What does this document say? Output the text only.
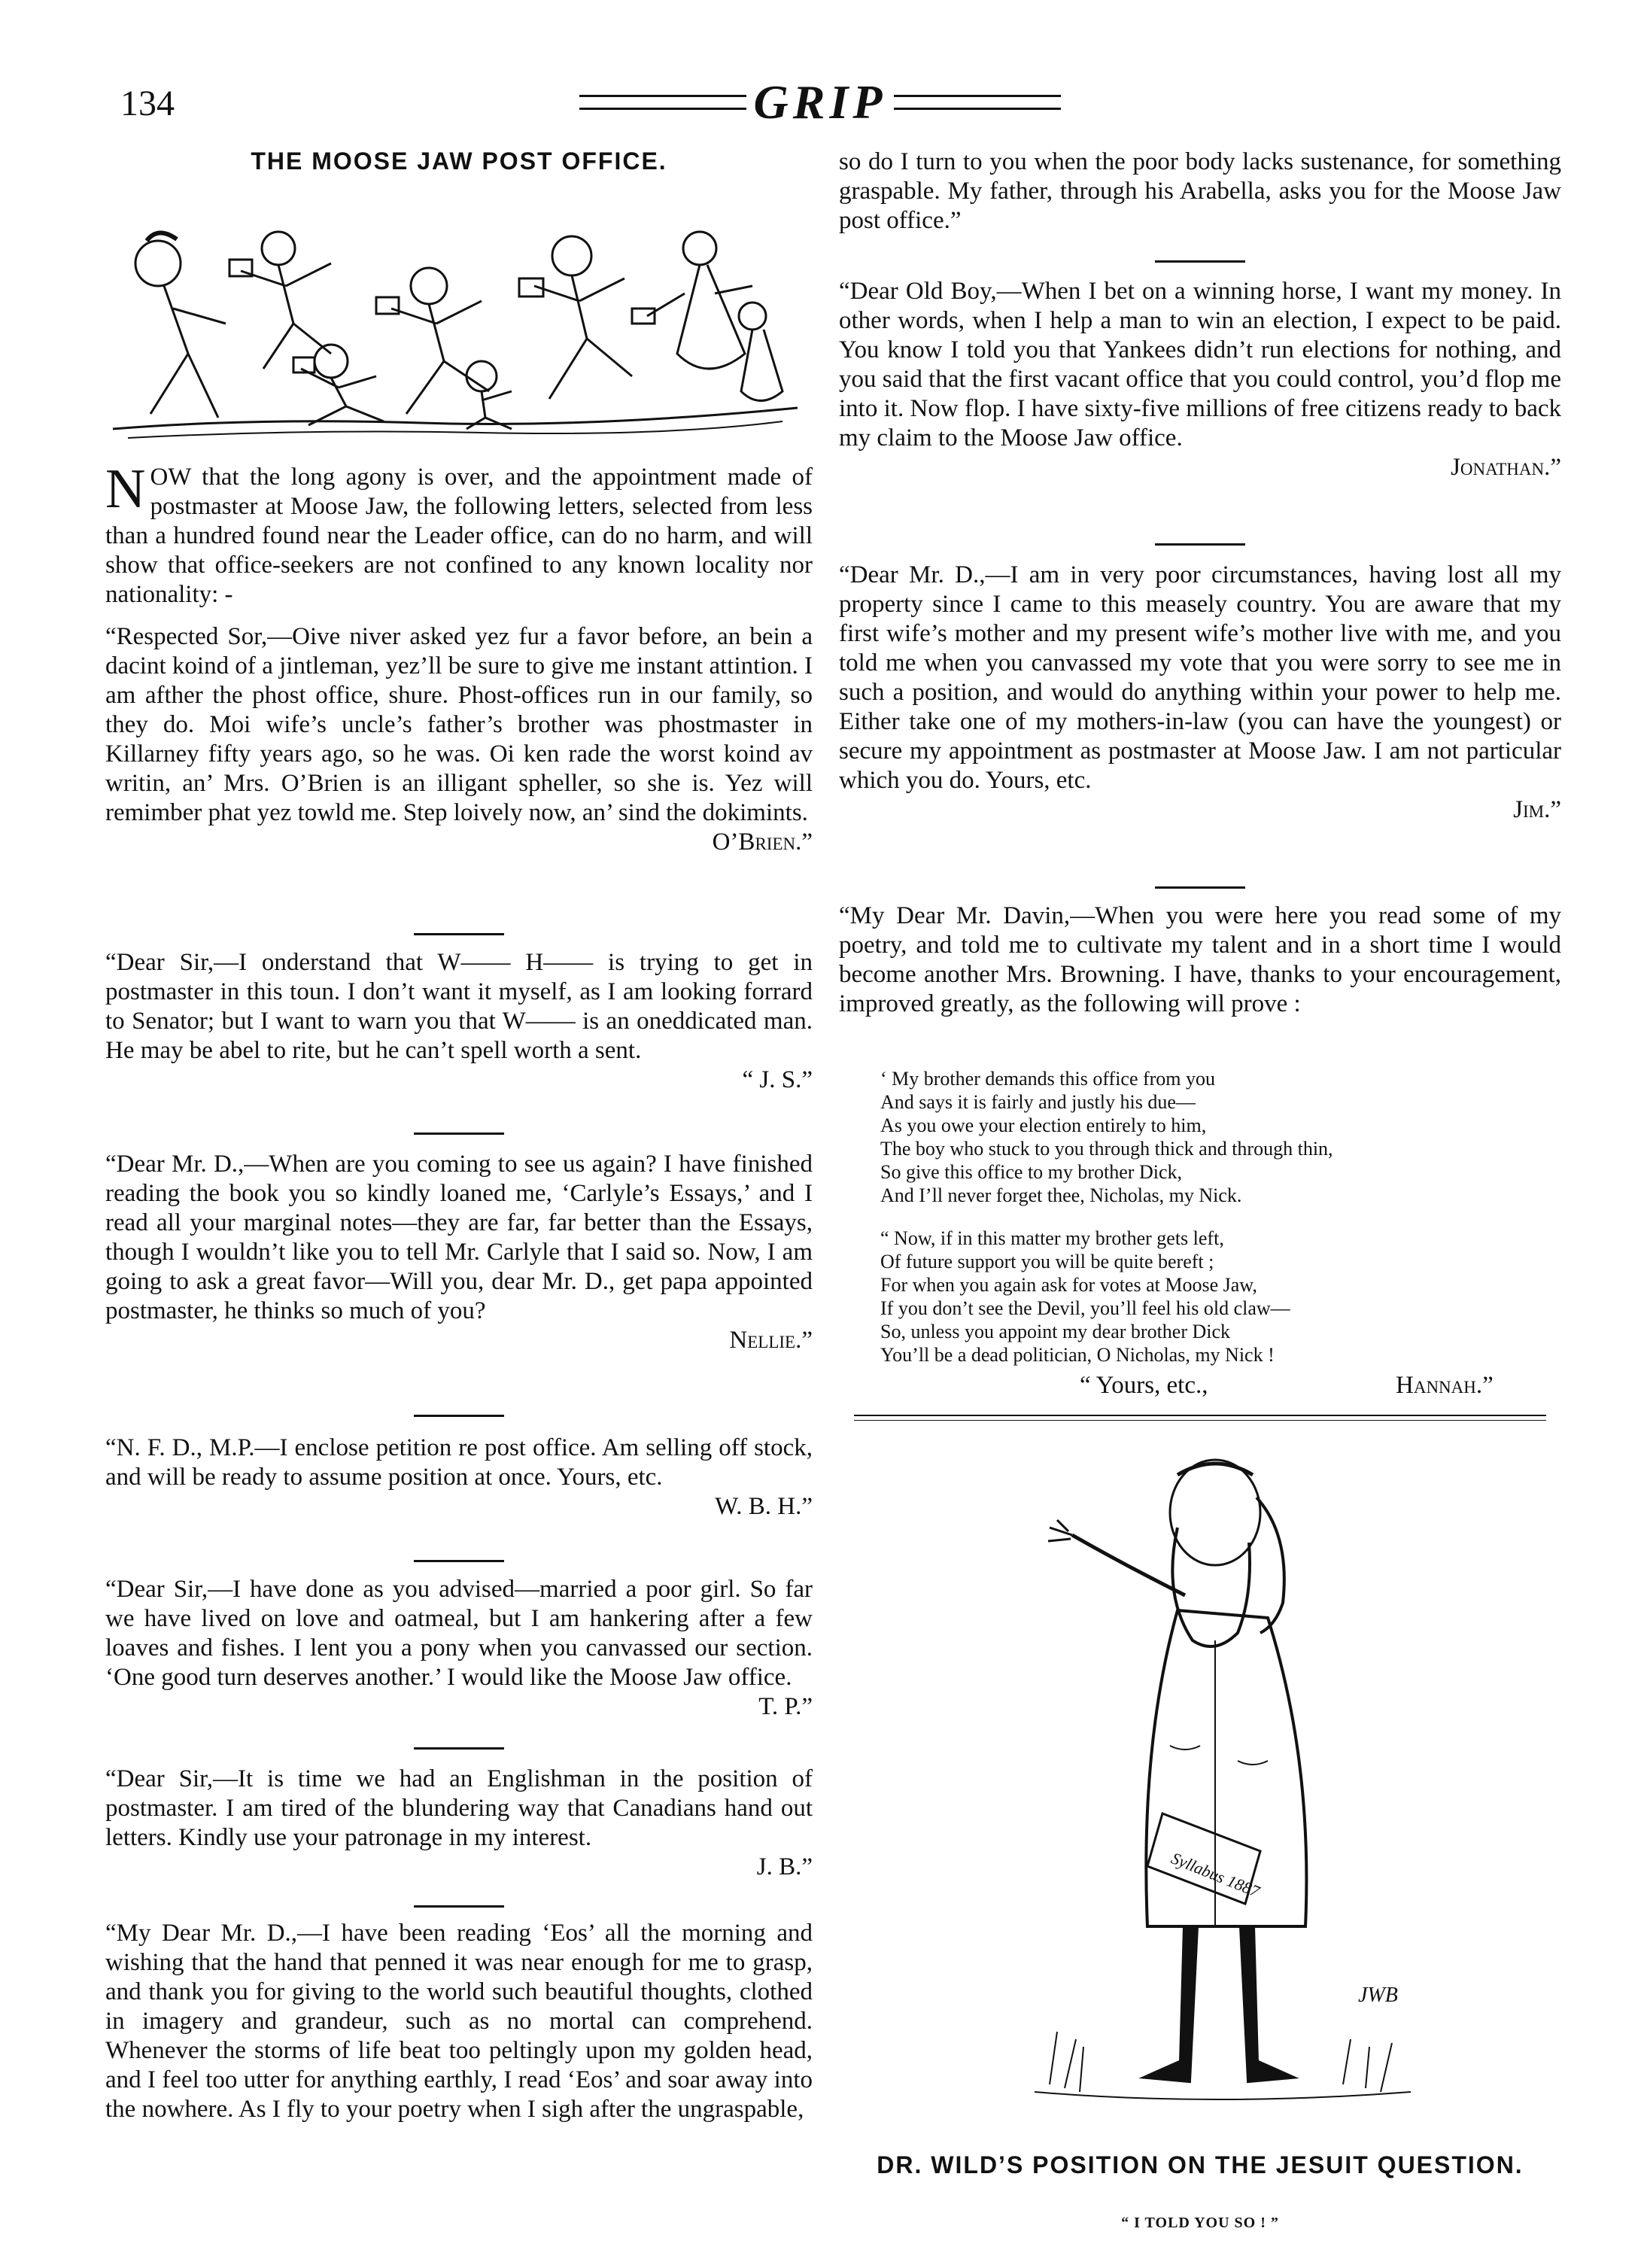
134	GRIP
THE MOOSE JAW POST OFFICE.
NOW that the long agony is over, and the appointment made of postmaster at Moose Jaw, the following letters, selected from less than a hundred found near the Leader office, can do no harm, and will show that office-seekers are not confined to any known locality nor nationality: -
“Respected Sor,—Oive niver asked yez fur a favor before, an bein a dacint koind of a jintleman, yez’ll be sure to give me instant attintion. I am afther the phost office, shure. Phost-offices run in our family, so they do. Moi wife’s uncle’s father’s brother was phostmaster in Killarney fifty years ago, so he was. Oi ken rade the worst koind av writin, an’ Mrs. O’Brien is an illigant spheller, so she is. Yez will remimber phat yez towld me. Step loively now, an’ sind the dokimints.
O’Brien.”
“Dear Sir,—I onderstand that W—— H—— is trying to get in postmaster in this toun. I don’t want it myself, as I am looking forrard to Senator; but I want to warn you that W—— is an oneddicated man. He may be abel to rite, but he can’t spell worth a sent.
“ J. S.”
“Dear Mr. D.,—When are you coming to see us again? I have finished reading the book you so kindly loaned me, ‘Carlyle’s Essays,’ and I read all your marginal notes—they are far, far better than the Essays, though I wouldn’t like you to tell Mr. Carlyle that I said so. Now, I am going to ask a great favor—Will you, dear Mr. D., get papa appointed postmaster, he thinks so much of you?
Nellie.”
“N. F. D., M.P.—I enclose petition re post office. Am selling off stock, and will be ready to assume position at once. Yours, etc.
W. B. H.”
“Dear Sir,—I have done as you advised—married a poor girl. So far we have lived on love and oatmeal, but I am hankering after a few loaves and fishes. I lent you a pony when you canvassed our section. ‘One good turn deserves another.’ I would like the Moose Jaw office.
T. P.”
“Dear Sir,—It is time we had an Englishman in the position of postmaster. I am tired of the blundering way that Canadians hand out letters. Kindly use your patronage in my interest.
J. B.”
“My Dear Mr. D.,—I have been reading ‘Eos’ all the morning and wishing that the hand that penned it was near enough for me to grasp, and thank you for giving to the world such beautiful thoughts, clothed in imagery and grandeur, such as no mortal can comprehend. Whenever the storms of life beat too peltingly upon my golden head, and I feel too utter for anything earthly, I read ‘Eos’ and soar away into the nowhere. As I fly to your poetry when I sigh after the ungraspable,
so do I turn to you when the poor body lacks sustenance, for something graspable. My father, through his Arabella, asks you for the Moose Jaw post office.”
“Dear Old Boy,—When I bet on a winning horse, I want my money. In other words, when I help a man to win an election, I expect to be paid. You know I told you that Yankees didn’t run elections for nothing, and you said that the first vacant office that you could control, you’d flop me into it. Now flop. I have sixty-five millions of free citizens ready to back my claim to the Moose Jaw office.
Jonathan.”
“Dear Mr. D.,—I am in very poor circumstances, having lost all my property since I came to this measely country. You are aware that my first wife’s mother and my present wife’s mother live with me, and you told me when you canvassed my vote that you were sorry to see me in such a position, and would do anything within your power to help me. Either take one of my mothers-in-law (you can have the youngest) or secure my appointment as postmaster at Moose Jaw. I am not particular which you do. Yours, etc.
Jim.”
“My Dear Mr. Davin,—When you were here you read some of my poetry, and told me to cultivate my talent and in a short time I would become another Mrs. Browning. I have, thanks to your encouragement, improved greatly, as the following will prove :
‘ My brother demands this office from you
And says it is fairly and justly his due—
As you owe your election entirely to him,
The boy who stuck to you through thick and through thin,
So give this office to my brother Dick,
And I’ll never forget thee, Nicholas, my Nick.
“ Now, if in this matter my brother gets left,
Of future support you will be quite bereft ;
For when you again ask for votes at Moose Jaw,
If you don’t see the Devil, you’ll feel his old claw—
So, unless you appoint my dear brother Dick
You’ll be a dead politician, O Nicholas, my Nick !
“ Yours, etc.,	Hannah.”
Syllabus 1887
JWB
DR. WILD’S POSITION ON THE JESUIT QUESTION.
“ I TOLD YOU SO ! ”
